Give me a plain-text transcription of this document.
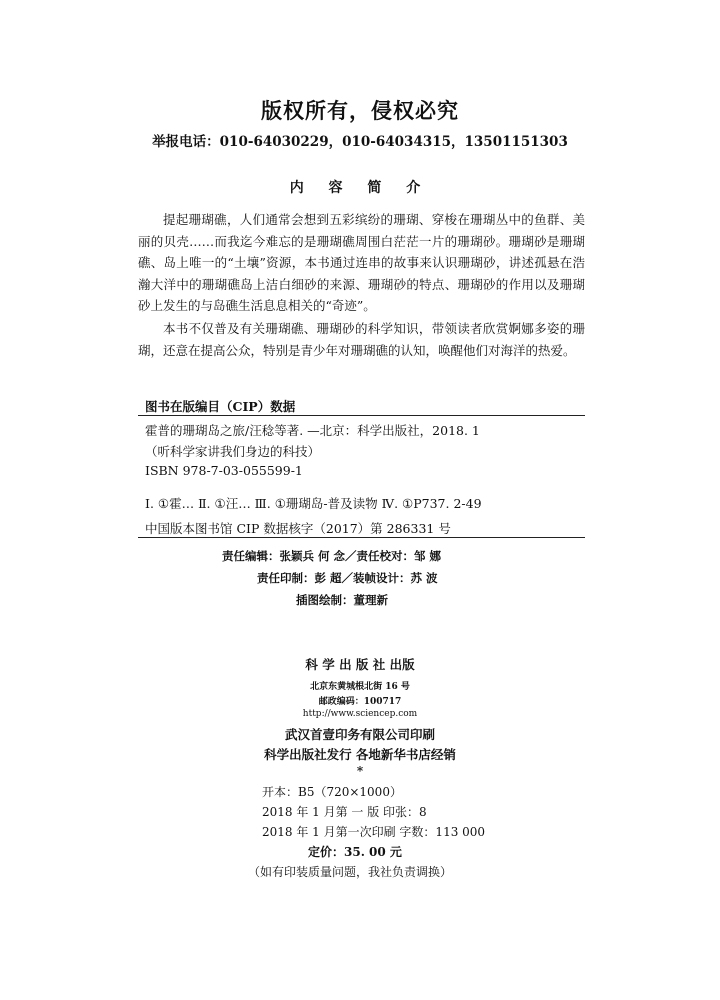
版权所有，侵权必究
举报电话：010-64030229，010-64034315，13501151303
内 容 简 介

提起珊瑚礁，人们通常会想到五彩缤纷的珊瑚、穿梭在珊瑚丛中的鱼群、美丽的贝壳……而我迄今难忘的是珊瑚礁周围白茫茫一片的珊瑚砂。珊瑚砂是珊瑚礁、岛上唯一的“土壤”资源，本书通过连串的故事来认识珊瑚砂，讲述孤悬在浩瀚大洋中的珊瑚礁岛上洁白细砂的来源、珊瑚砂的特点、珊瑚砂的作用以及珊瑚砂上发生的与岛礁生活息息相关的“奇迹”。

本书不仅普及有关珊瑚礁、珊瑚砂的科学知识，带领读者欣赏婀娜多姿的珊瑚，还意在提高公众，特别是青少年对珊瑚礁的认知，唤醒他们对海洋的热爱。

图书在版编目（CIP）数据
霍普的珊瑚岛之旅/汪稔等著. —北京：科学出版社，2018. 1
（听科学家讲我们身边的科技）
ISBN 978-7-03-055599-1
Ⅰ. ①霍… Ⅱ. ①汪… Ⅲ. ①珊瑚岛-普及读物 Ⅳ. ①P737. 2-49
中国版本图书馆 CIP 数据核字（2017）第 286331 号
责任编辑：张颖兵 何 念／责任校对：邹 娜
责任印制：彭 超／装帧设计：苏 波
插图绘制：董理新
科 学 出 版 社 出版
北京东黄城根北街 16 号
邮政编码：100717
http://www.sciencep.com
武汉首壹印务有限公司印刷
科学出版社发行 各地新华书店经销
*
开本：B5（720×1000）
2018 年 1 月第 一 版 印张：8
2018 年 1 月第一次印刷 字数：113 000
定价：35. 00 元
（如有印装质量问题，我社负责调换）
